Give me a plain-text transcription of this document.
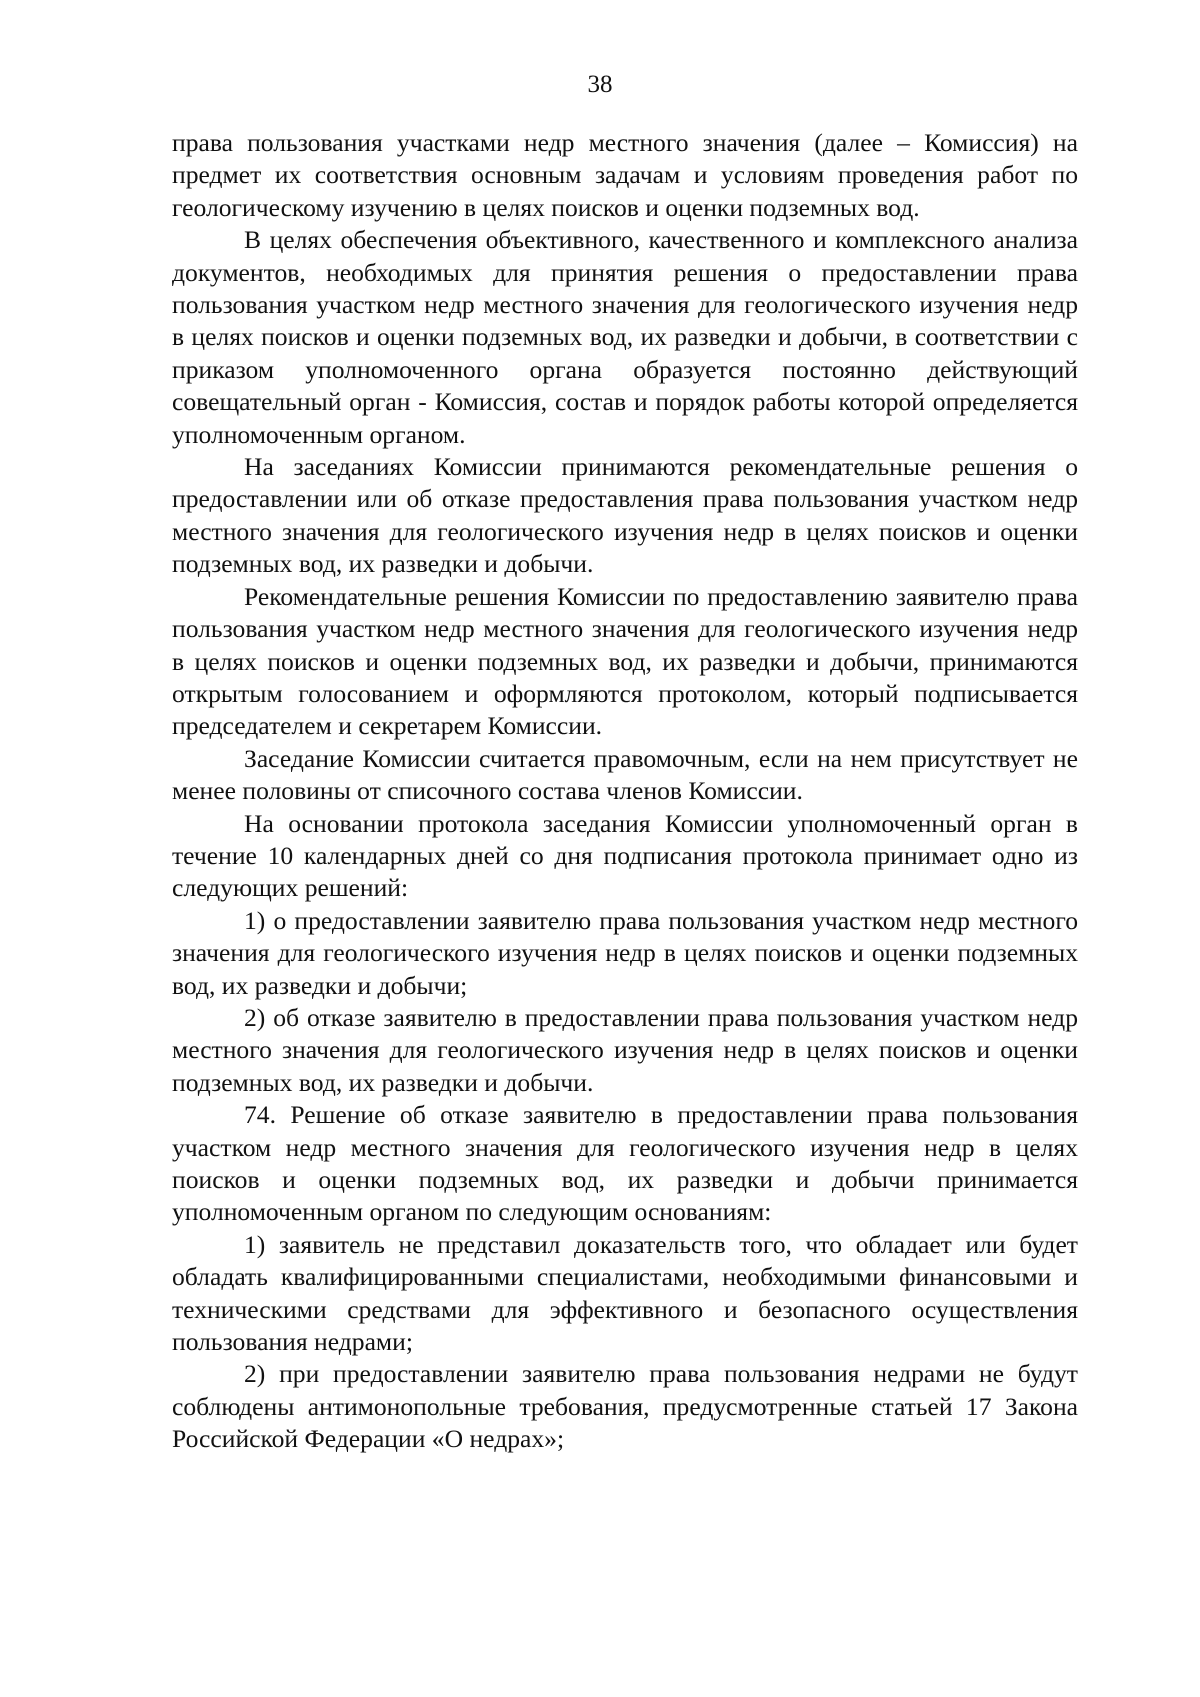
38

права пользования участками недр местного значения (далее – Комиссия) на предмет их соответствия основным задачам и условиям проведения работ по геологическому изучению в целях поисков и оценки подземных вод.

В целях обеспечения объективного, качественного и комплексного анализа документов, необходимых для принятия решения о предоставлении права пользования участком недр местного значения для геологического изучения недр в целях поисков и оценки подземных вод, их разведки и добычи, в соответствии с приказом уполномоченного органа образуется постоянно действующий совещательный орган - Комиссия, состав и порядок работы которой определяется уполномоченным органом.

На заседаниях Комиссии принимаются рекомендательные решения о предоставлении или об отказе предоставления права пользования участком недр местного значения для геологического изучения недр в целях поисков и оценки подземных вод, их разведки и добычи.

Рекомендательные решения Комиссии по предоставлению заявителю права пользования участком недр местного значения для геологического изучения недр в целях поисков и оценки подземных вод, их разведки и добычи, принимаются открытым голосованием и оформляются протоколом, который подписывается председателем и секретарем Комиссии.

Заседание Комиссии считается правомочным, если на нем присутствует не менее половины от списочного состава членов Комиссии.

На основании протокола заседания Комиссии уполномоченный орган в течение 10 календарных дней со дня подписания протокола принимает одно из следующих решений:

1) о предоставлении заявителю права пользования участком недр местного значения для геологического изучения недр в целях поисков и оценки подземных вод, их разведки и добычи;

2) об отказе заявителю в предоставлении права пользования участком недр местного значения для геологического изучения недр в целях поисков и оценки подземных вод, их разведки и добычи.

74. Решение об отказе заявителю в предоставлении права пользования участком недр местного значения для геологического изучения недр в целях поисков и оценки подземных вод, их разведки и добычи принимается уполномоченным органом по следующим основаниям:

1) заявитель не представил доказательств того, что обладает или будет обладать квалифицированными специалистами, необходимыми финансовыми и техническими средствами для эффективного и безопасного осуществления пользования недрами;

2) при предоставлении заявителю права пользования недрами не будут соблюдены антимонопольные требования, предусмотренные статьей 17 Закона Российской Федерации «О недрах»;
